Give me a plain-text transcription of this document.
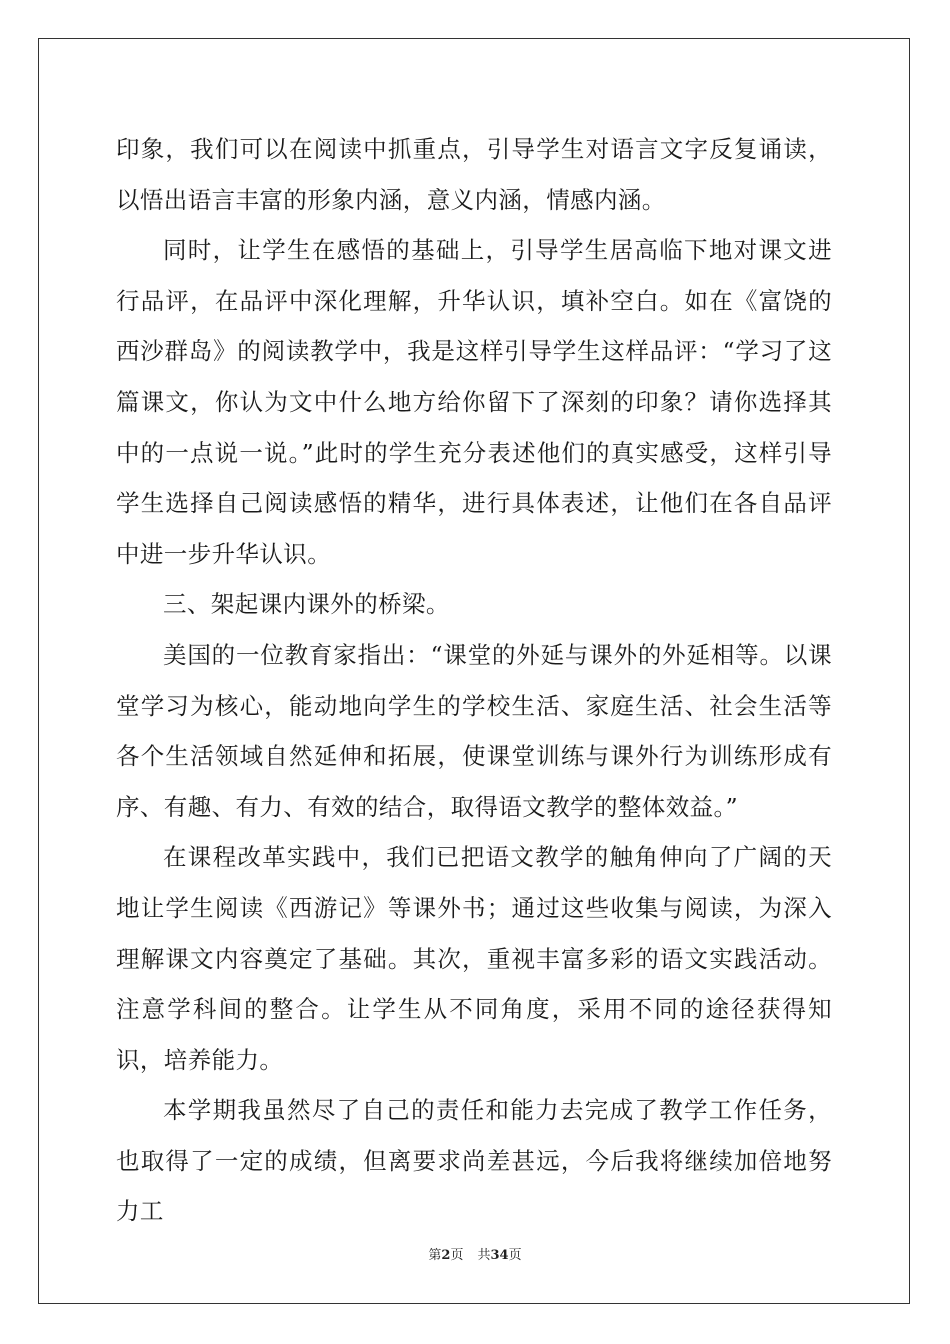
印象，我们可以在阅读中抓重点，引导学生对语言文字反复诵读，以悟出语言丰富的形象内涵，意义内涵，情感内涵。

同时，让学生在感悟的基础上，引导学生居高临下地对课文进行品评，在品评中深化理解，升华认识，填补空白。如在《富饶的西沙群岛》的阅读教学中，我是这样引导学生这样品评：“学习了这篇课文，你认为文中什么地方给你留下了深刻的印象？请你选择其中的一点说一说。”此时的学生充分表述他们的真实感受，这样引导学生选择自己阅读感悟的精华，进行具体表述，让他们在各自品评中进一步升华认识。

三、架起课内课外的桥梁。

美国的一位教育家指出：“课堂的外延与课外的外延相等。以课堂学习为核心，能动地向学生的学校生活、家庭生活、社会生活等各个生活领域自然延伸和拓展，使课堂训练与课外行为训练形成有序、有趣、有力、有效的结合，取得语文教学的整体效益。”

在课程改革实践中，我们已把语文教学的触角伸向了广阔的天地让学生阅读《西游记》等课外书；通过这些收集与阅读，为深入理解课文内容奠定了基础。其次，重视丰富多彩的语文实践活动。注意学科间的整合。让学生从不同角度，采用不同的途径获得知识，培养能力。

本学期我虽然尽了自己的责任和能力去完成了教学工作任务，也取得了一定的成绩，但离要求尚差甚远，今后我将继续加倍地努力工

第2页 共34页
